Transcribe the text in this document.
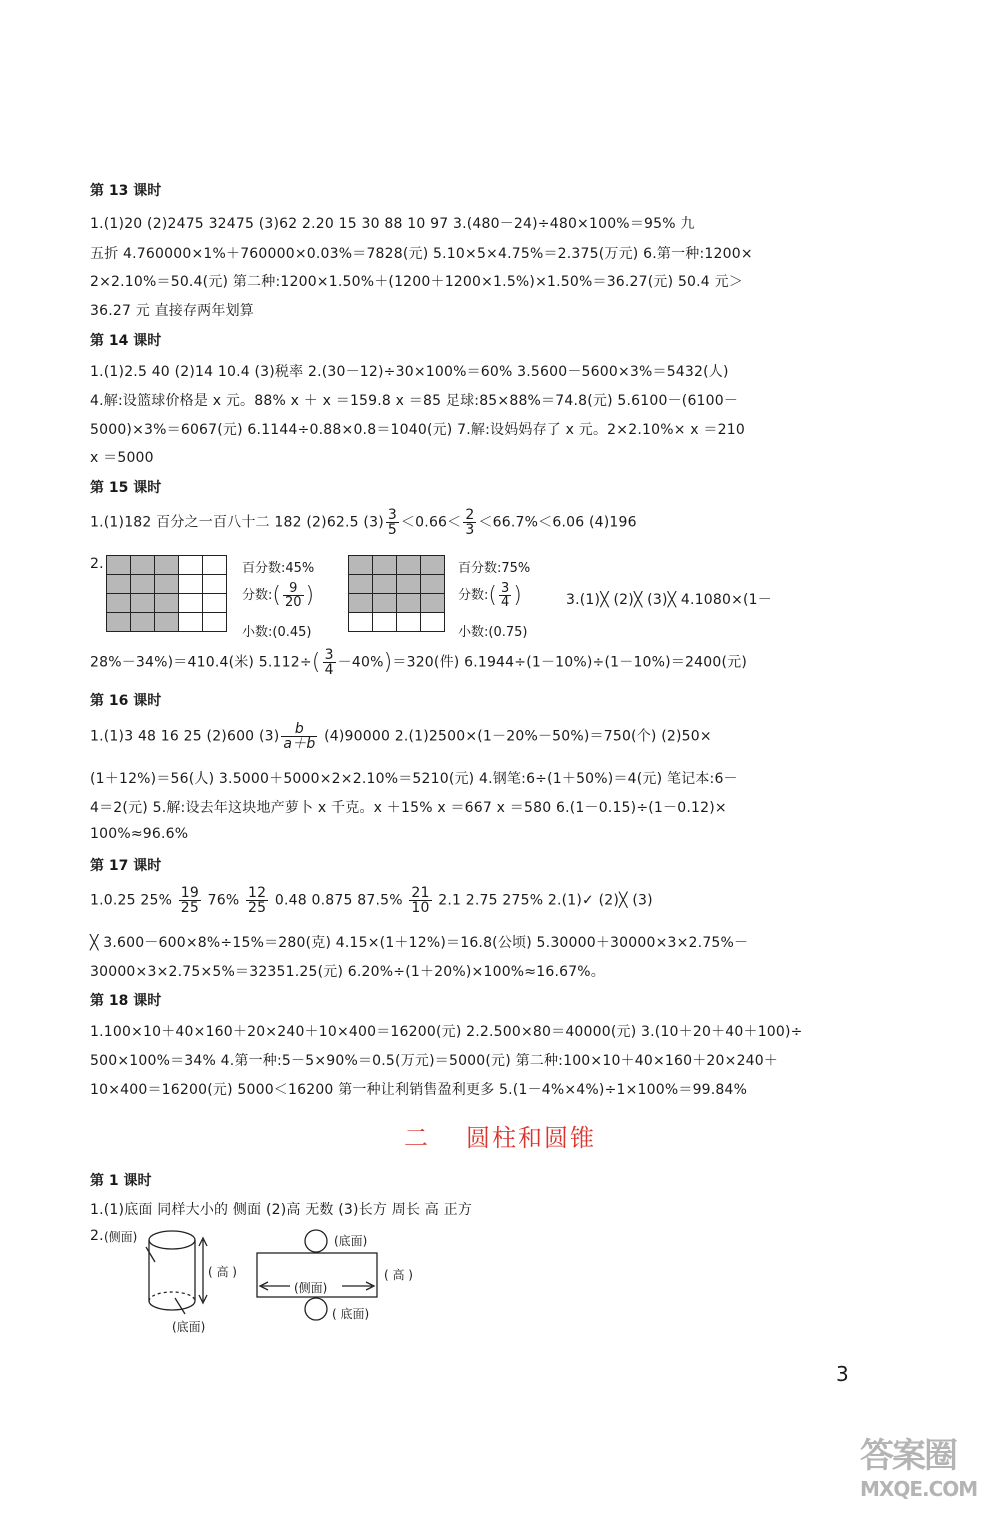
第 13 课时
1.(1)20 (2)2475 32475 (3)62 2.20 15 30 88 10 97 3.(480－24)÷480×100%＝95% 九
五折 4.760000×1%＋760000×0.03%＝7828(元) 5.10×5×4.75%＝2.375(万元) 6.第一种:1200×
2×2.10%＝50.4(元) 第二种:1200×1.50%＋(1200＋1200×1.5%)×1.50%＝36.27(元) 50.4 元＞
36.27 元 直接存两年划算
第 14 课时
1.(1)2.5 40 (2)14 10.4 (3)税率 2.(30－12)÷30×100%＝60% 3.5600－5600×3%＝5432(人)
4.解:设篮球价格是 x 元。88% x ＋ x ＝159.8 x ＝85 足球:85×88%＝74.8(元) 5.6100－(6100－
5000)×3%＝6067(元) 6.1144÷0.88×0.8＝1040(元) 7.解:设妈妈存了 x 元。2×2.10%× x ＝210
x ＝5000
第 15 课时
1.(1)182 百分之一百八十二 182 (2)62.5 $(3) \frac{3}{5} <0.66< \frac{2}{3} <66.7\%<6.06$ (4)196
2.

					百分数:45%
分数:( $\frac{9}{20}$ )
小数:(0.45)

百分数:75%
分数:( $\frac{3}{4}$ )
小数:(0.75)
3.(1)╳ (2)╳ (3)╳ 4.1080×(1－
28%－34%)＝410.4(米) $5.112\div( \frac{3}{4} -40\%)=320$(件) 6.1944÷(1－10%)÷(1－10%)＝2400(元)
第 16 课时
1.(1)3 48 16 25 (2)600 $(3) \frac{b}{a+b} (4)90000$ 2.(1)2500×(1－20%－50%)＝750(个) (2)50×
(1＋12%)＝56(人) 3.5000＋5000×2×2.10%＝5210(元) 4.钢笔:6÷(1＋50%)＝4(元) 笔记本:6－
4＝2(元) 5.解:设去年这块地产萝卜 x 千克。x ＋15% x ＝667 x ＝580 6.(1－0.15)÷(1－0.12)×
100%≈96.6%
第 17 课时
1.0.25 $25\% \frac{19}{25} 76\% \frac{12}{25} 0.48$ 0.875 $87.5\% \frac{21}{10} 2.1$ 2.75 275% 2.(1)✓ (2)╳ (3)
╳ 3.600－600×8%÷15%＝280(克) 4.15×(1＋12%)＝16.8(公顷) 5.30000＋30000×3×2.75%－
30000×3×2.75×5%＝32351.25(元) 6.20%÷(1＋20%)×100%≈16.67%。
第 18 课时
1.100×10＋40×160＋20×240＋10×400＝16200(元) 2.2.500×80＝40000(元) 3.(10＋20＋40＋100)÷
500×100%＝34% 4.第一种:5－5×90%＝0.5(万元)＝5000(元) 第二种:100×10＋40×160＋20×240＋
10×400＝16200(元) 5000＜16200 第一种让利销售盈利更多 5.(1－4%×4%)÷1×100%＝99.84%
二 圆柱和圆锥
第 1 课时
1.(1)底面 同样大小的 侧面 (2)高 无数 (3)长方 周长 高 正方
2. (侧面)
( 高 )
(底面)
(底面)
(侧面)
( 高 )
( 底面)
3
答案圈
MXQE.COM
